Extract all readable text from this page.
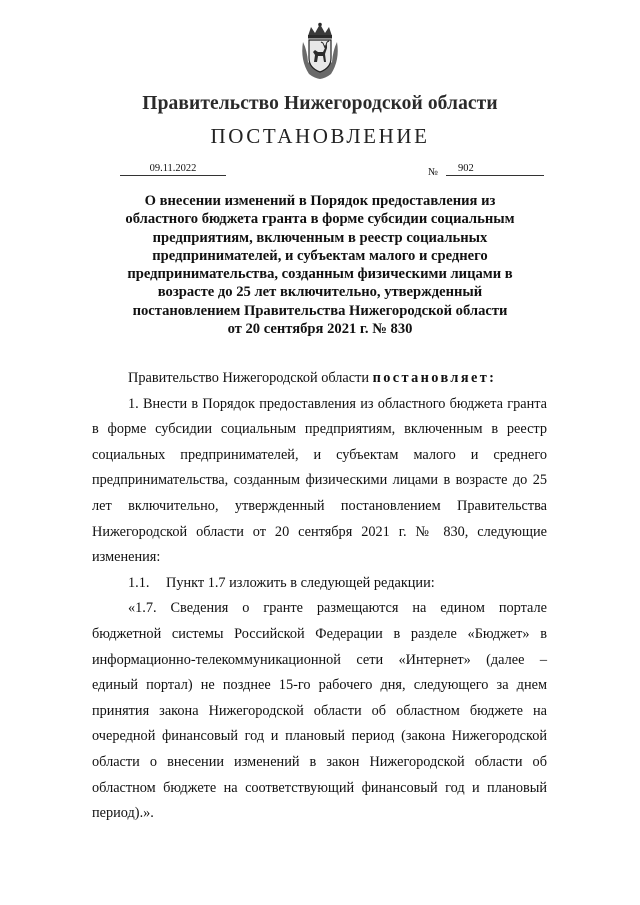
Правительство Нижегородской области
ПОСТАНОВЛЕНИЕ
09.11.2022	№	902
О внесении изменений в Порядок предоставления из
областного бюджета гранта в форме субсидии социальным
предприятиям, включенным в реестр социальных
предпринимателей, и субъектам малого и среднего
предпринимательства, созданным физическими лицами в
возрасте до 25 лет включительно, утвержденный
постановлением Правительства Нижегородской области
от 20 сентября 2021 г. № 830

Правительство Нижегородской области постановляет:

1. Внести в Порядок предоставления из областного бюджета гранта в форме субсидии социальным предприятиям, включенным в реестр социальных предпринимателей, и субъектам малого и среднего предпринимательства, созданным физическими лицами в возрасте до 25 лет включительно, утвержденный постановлением Правительства Нижегородской области от 20 сентября 2021 г. № 830, следующие изменения:

1.1. Пункт 1.7 изложить в следующей редакции:

«1.7. Сведения о гранте размещаются на едином портале бюджетной системы Российской Федерации в разделе «Бюджет» в информационно-телекоммуникационной сети «Интернет» (далее – единый портал) не позднее 15-го рабочего дня, следующего за днем принятия закона Нижегородской области об областном бюджете на очередной финансовый год и плановый период (закона Нижегородской области о внесении изменений в закон Нижегородской области об областном бюджете на соответствующий финансовый год и плановый период).».
